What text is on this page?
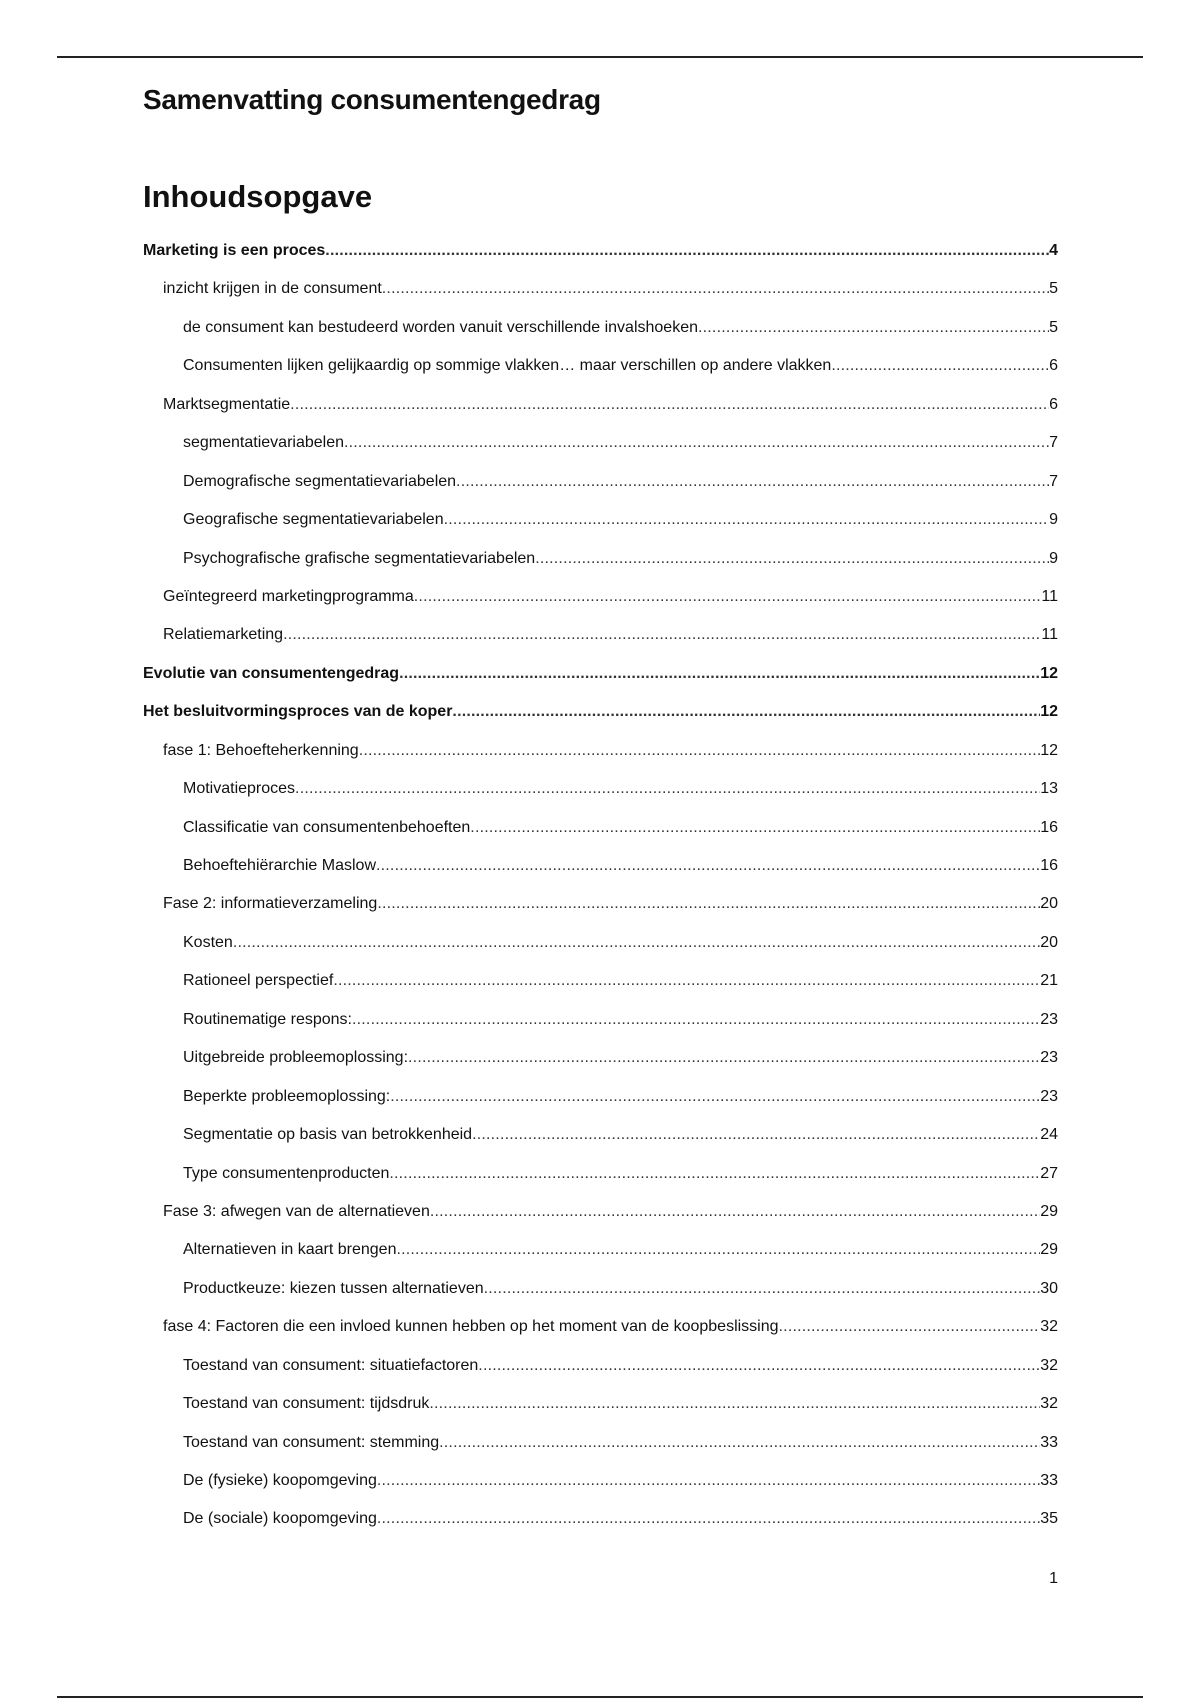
Samenvatting consumentengedrag
Inhoudsopgave
Marketing is een proces .....	4
inzicht krijgen in de consument .....	5
de consument kan bestudeerd worden vanuit verschillende invalshoeken .....	5
Consumenten lijken gelijkaardig op sommige vlakken… maar verschillen op andere vlakken .....	6
Marktsegmentatie .....	6
segmentatievariabelen .....	7
Demografische segmentatievariabelen .....	7
Geografische segmentatievariabelen .....	9
Psychografische grafische segmentatievariabelen .....	9
Geïntegreerd marketingprogramma .....	11
Relatiemarketing .....	11
Evolutie van consumentengedrag .....	12
Het besluitvormingsproces van de koper .....	12
fase 1: Behoefteherkenning .....	12
Motivatieproces .....	13
Classificatie van consumentenbehoeften .....	16
Behoeftehiërarchie Maslow .....	16
Fase 2: informatieverzameling .....	20
Kosten .....	20
Rationeel perspectief .....	21
Routinematige respons: .....	23
Uitgebreide probleemoplossing: .....	23
Beperkte probleemoplossing: .....	23
Segmentatie op basis van betrokkenheid .....	24
Type consumentenproducten .....	27
Fase 3: afwegen van de alternatieven .....	29
Alternatieven in kaart brengen .....	29
Productkeuze: kiezen tussen alternatieven .....	30
fase 4: Factoren die een invloed kunnen hebben op het moment van de koopbeslissing .....	32
Toestand van consument: situatiefactoren .....	32
Toestand van consument: tijdsdruk .....	32
Toestand van consument: stemming .....	33
De (fysieke) koopomgeving .....	33
De (sociale) koopomgeving .....	35
1
